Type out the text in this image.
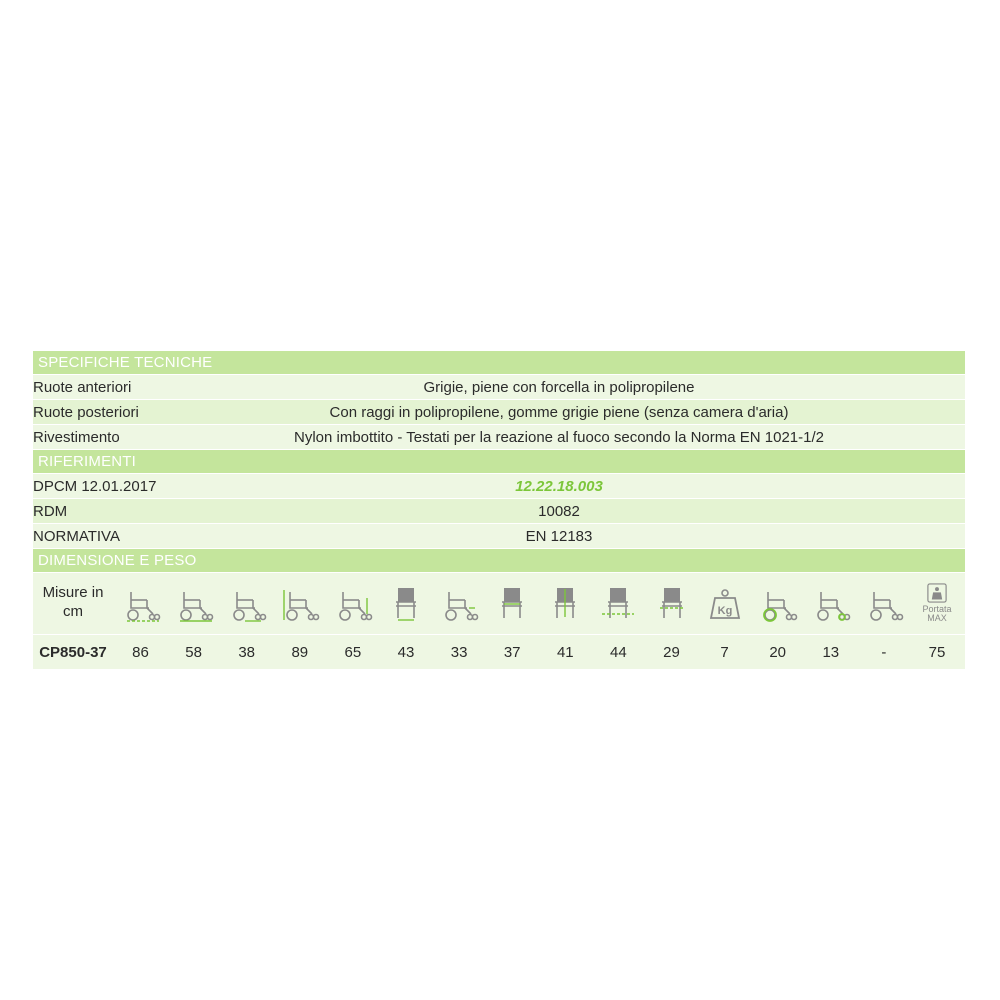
SPECIFICHE TECNICHE
Ruote anteriori	Grigie, piene con forcella in polipropilene
Ruote posteriori	Con raggi in polipropilene, gomme grigie piene (senza camera d'aria)
Rivestimento	Nylon imbottito - Testati per la reazione al fuoco secondo la Norma EN 1021-1/2
RIFERIMENTI
DPCM 12.01.2017	12.22.18.003
RDM	10082
NORMATIVA	EN 12183
DIMENSIONE E PESO
Misure in cm	Kg	Portata
MAX
CP850-37	86	58	38	89	65	43	33	37	41	44	29	7	20	13	-	75
